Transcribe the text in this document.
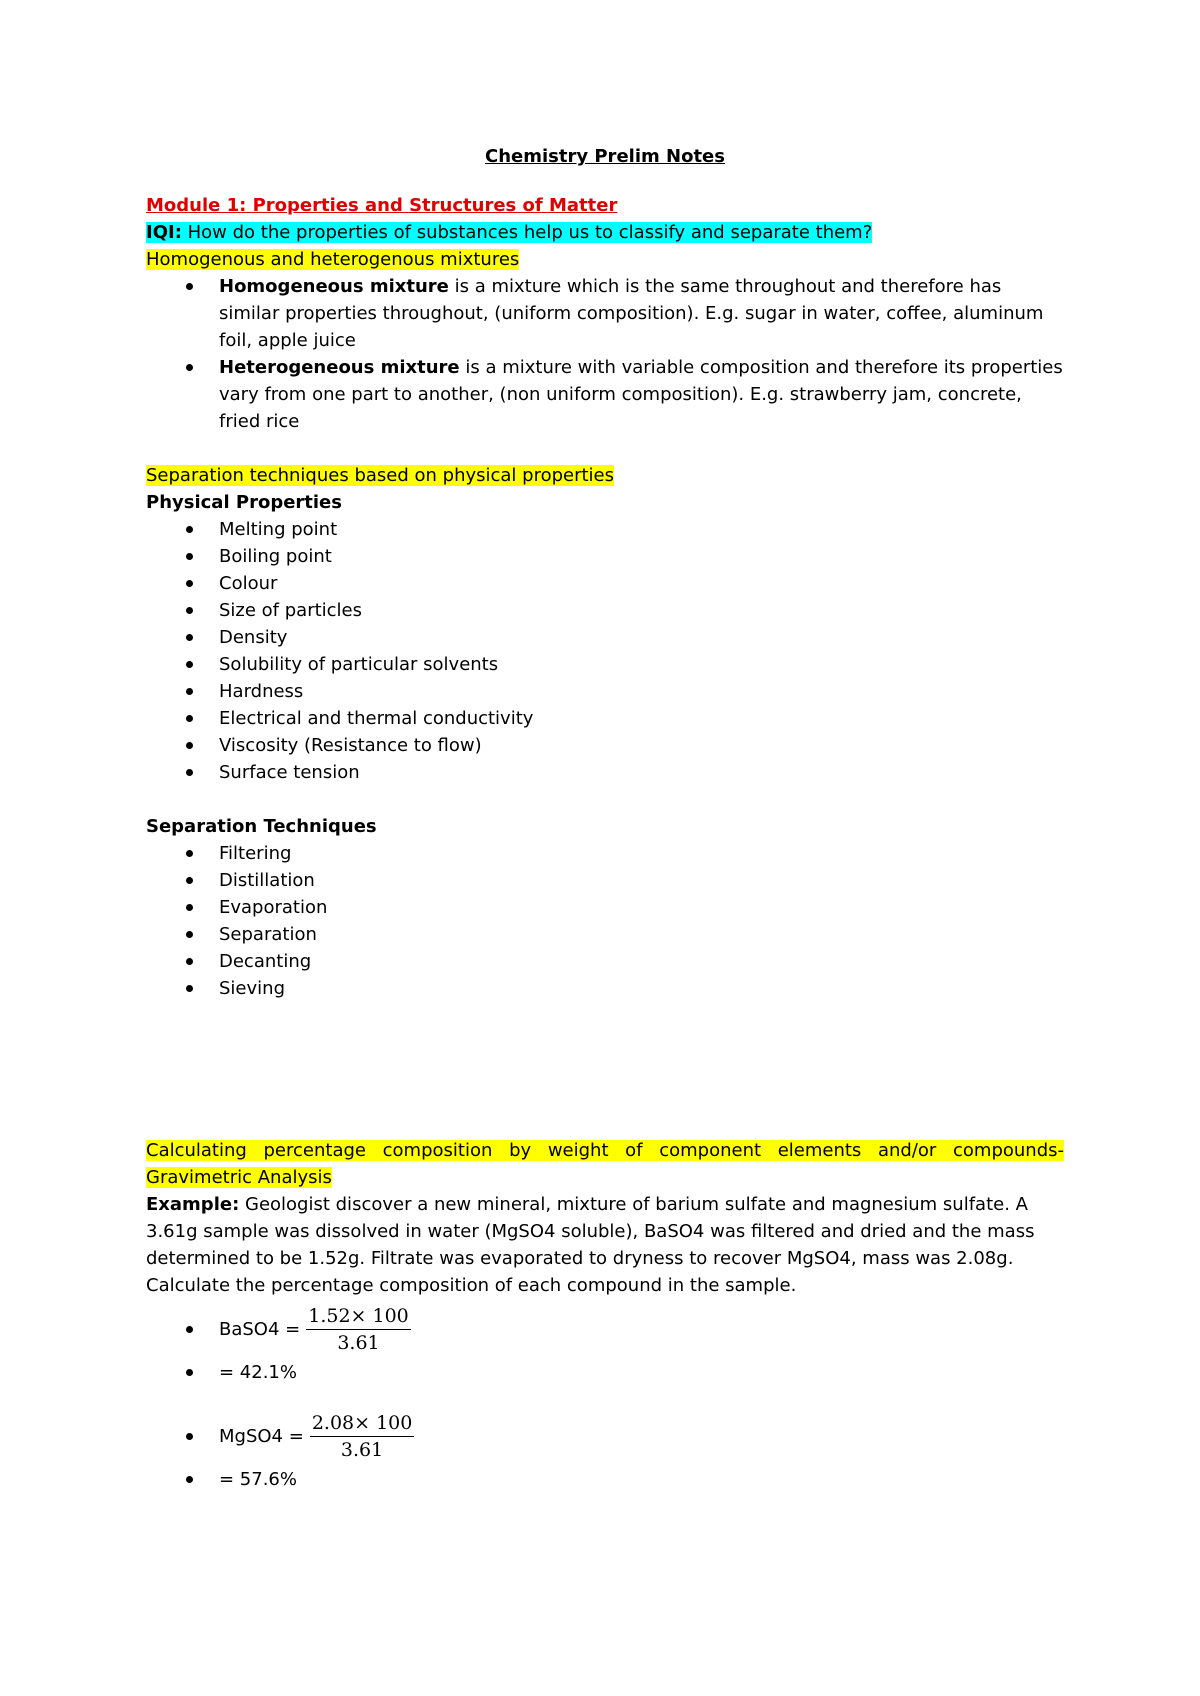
Chemistry Prelim Notes

Module 1: Properties and Structures of Matter

IQI: How do the properties of substances help us to classify and separate them?

Homogenous and heterogenous mixtures

Homogeneous mixture is a mixture which is the same throughout and therefore has similar properties throughout, (uniform composition). E.g. sugar in water, coffee, aluminum foil, apple juice
Heterogeneous mixture is a mixture with variable composition and therefore its properties vary from one part to another, (non uniform composition). E.g. strawberry jam, concrete, fried rice

Separation techniques based on physical properties

Physical Properties

Melting point
Boiling point
Colour
Size of particles
Density
Solubility of particular solvents
Hardness
Electrical and thermal conductivity
Viscosity (Resistance to flow)
Surface tension

Separation Techniques

Filtering
Distillation
Evaporation
Separation
Decanting
Sieving

Calculating percentage composition by weight of component elements and/or compounds-

Gravimetric Analysis

Example: Geologist discover a new mineral, mixture of barium sulfate and magnesium sulfate. A 3.61g sample was dissolved in water (MgSO4 soluble), BaSO4 was filtered and dried and the mass determined to be 1.52g. Filtrate was evaporated to dryness to recover MgSO4, mass was 2.08g. Calculate the percentage composition of each compound in the sample.

BaSO4 = $\frac{1.52\times 100}{3.61}$
= 42.1%
MgSO4 = $\frac{2.08\times 100}{3.61}$
= 57.6%
